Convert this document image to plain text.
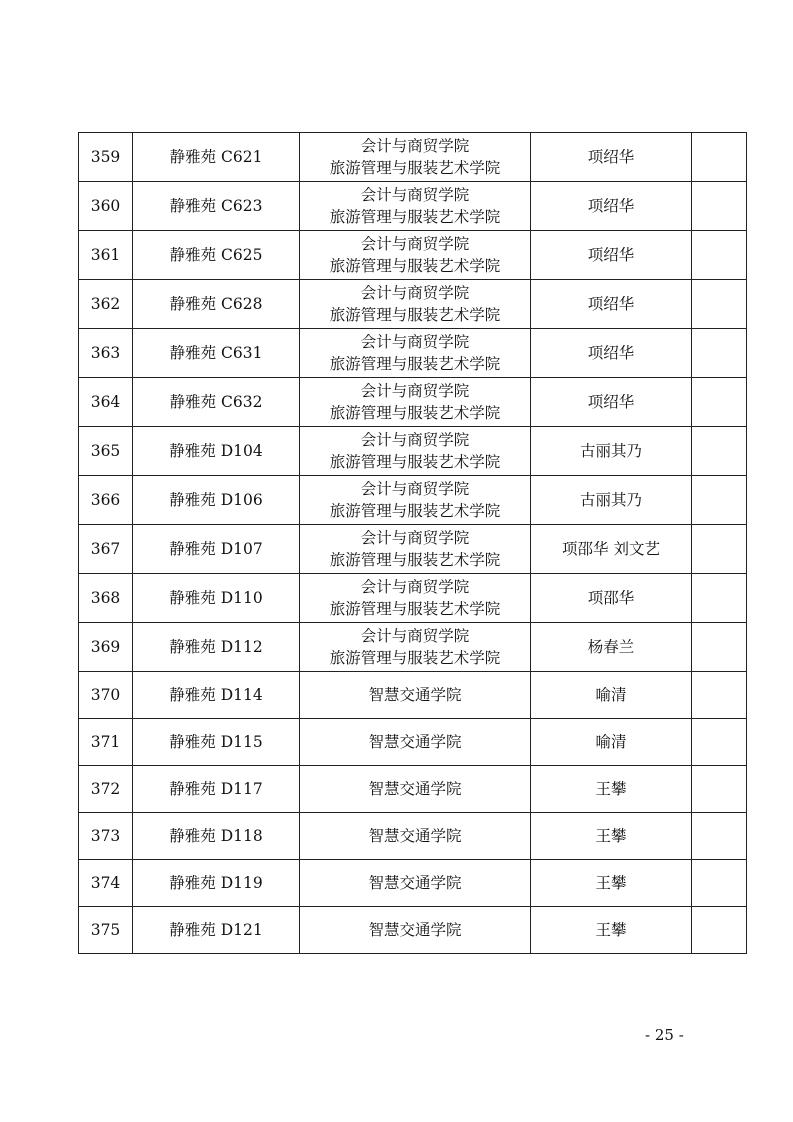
359	静雅苑 C621	会计与商贸学院
旅游管理与服装艺术学院	项绍华	
360	静雅苑 C623	会计与商贸学院
旅游管理与服装艺术学院	项绍华	
361	静雅苑 C625	会计与商贸学院
旅游管理与服装艺术学院	项绍华	
362	静雅苑 C628	会计与商贸学院
旅游管理与服装艺术学院	项绍华	
363	静雅苑 C631	会计与商贸学院
旅游管理与服装艺术学院	项绍华	
364	静雅苑 C632	会计与商贸学院
旅游管理与服装艺术学院	项绍华	
365	静雅苑 D104	会计与商贸学院
旅游管理与服装艺术学院	古丽其乃	
366	静雅苑 D106	会计与商贸学院
旅游管理与服装艺术学院	古丽其乃	
367	静雅苑 D107	会计与商贸学院
旅游管理与服装艺术学院	项邵华 刘文艺	
368	静雅苑 D110	会计与商贸学院
旅游管理与服装艺术学院	项邵华	
369	静雅苑 D112	会计与商贸学院
旅游管理与服装艺术学院	杨春兰	
370	静雅苑 D114	智慧交通学院	喻清	
371	静雅苑 D115	智慧交通学院	喻清	
372	静雅苑 D117	智慧交通学院	王攀	
373	静雅苑 D118	智慧交通学院	王攀	
374	静雅苑 D119	智慧交通学院	王攀	
375	静雅苑 D121	智慧交通学院	王攀	
- 25 -
